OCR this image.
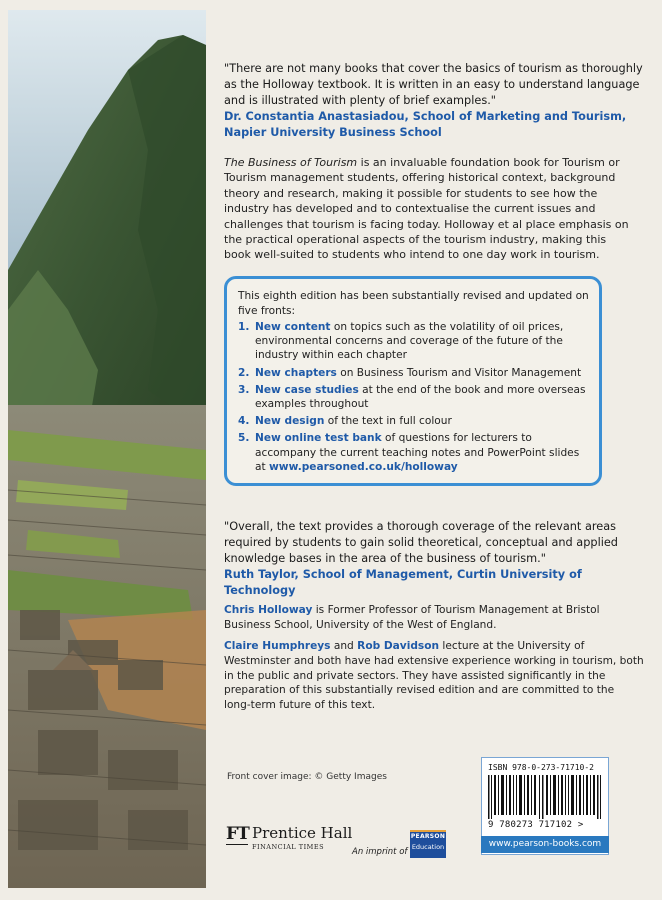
"There are not many books that cover the basics of tourism as thoroughly as the Holloway textbook. It is written in an easy to understand language and is illustrated with plenty of brief examples."
Dr. Constantia Anastasiadou, School of Marketing and Tourism, Napier University Business School
The Business of Tourism is an invaluable foundation book for Tourism or Tourism management students, offering historical context, background theory and research, making it possible for students to see how the industry has developed and to contextualise the current issues and challenges that tourism is facing today. Holloway et al place emphasis on the practical operational aspects of the tourism industry, making this book well-suited to students who intend to one day work in tourism.
This eighth edition has been substantially revised and updated on five fronts:
1. New content on topics such as the volatility of oil prices, environmental concerns and coverage of the future of the industry within each chapter
2. New chapters on Business Tourism and Visitor Management
3. New case studies at the end of the book and more overseas examples throughout
4. New design of the text in full colour
5. New online test bank of questions for lecturers to accompany the current teaching notes and PowerPoint slides at www.pearsoned.co.uk/holloway
"Overall, the text provides a thorough coverage of the relevant areas required by students to gain solid theoretical, conceptual and applied knowledge bases in the area of the business of tourism."
Ruth Taylor, School of Management, Curtin University of Technology
Chris Holloway is Former Professor of Tourism Management at Bristol Business School, University of the West of England.
Claire Humphreys and Rob Davidson lecture at the University of Westminster and both have had extensive experience working in tourism, both in the public and private sectors. They have assisted significantly in the preparation of this substantially revised edition and are committed to the long-term future of this text.
Front cover image: © Getty Images
FT Prentice Hall
FINANCIAL TIMES	An imprint of
PEARSON
Education
ISBN 978-0-273-71710-2
9 780273 717102 >
www.pearson-books.com
